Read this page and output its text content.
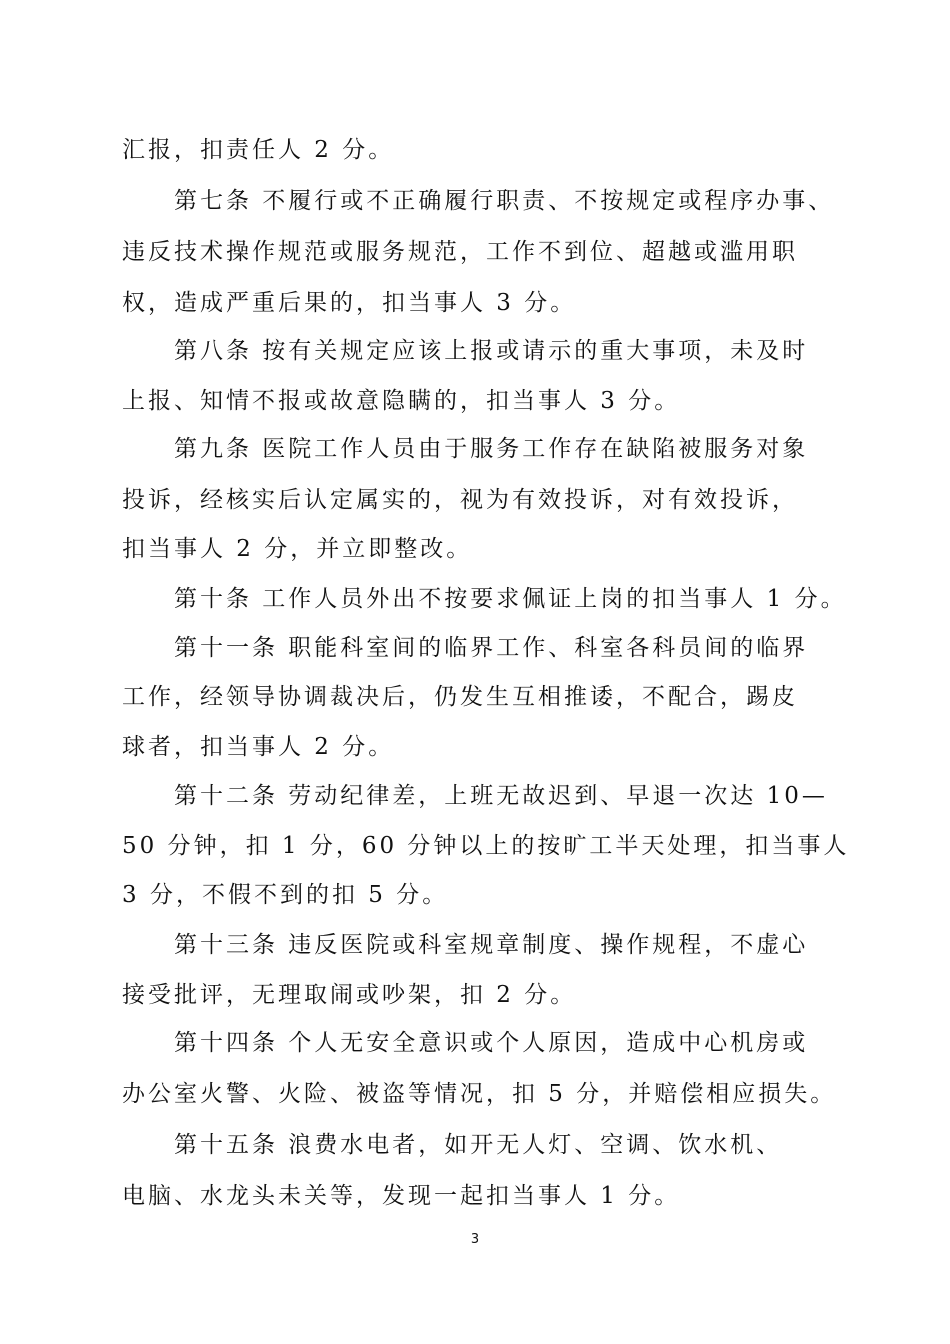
汇报，扣责任人 2 分。
第七条 不履行或不正确履行职责、不按规定或程序办事、
违反技术操作规范或服务规范，工作不到位、超越或滥用职
权，造成严重后果的，扣当事人 3 分。
第八条 按有关规定应该上报或请示的重大事项，未及时
上报、知情不报或故意隐瞒的，扣当事人 3 分。
第九条 医院工作人员由于服务工作存在缺陷被服务对象
投诉，经核实后认定属实的，视为有效投诉，对有效投诉，
扣当事人 2 分，并立即整改。
第十条 工作人员外出不按要求佩证上岗的扣当事人 1 分。
第十一条 职能科室间的临界工作、科室各科员间的临界
工作，经领导协调裁决后，仍发生互相推诿，不配合，踢皮
球者，扣当事人 2 分。
第十二条 劳动纪律差，上班无故迟到、早退一次达 10—
50 分钟，扣 1 分，60 分钟以上的按旷工半天处理，扣当事人
3 分，不假不到的扣 5 分。
第十三条 违反医院或科室规章制度、操作规程，不虚心
接受批评，无理取闹或吵架，扣 2 分。
第十四条 个人无安全意识或个人原因，造成中心机房或
办公室火警、火险、被盗等情况，扣 5 分，并赔偿相应损失。
第十五条 浪费水电者，如开无人灯、空调、饮水机、
电脑、水龙头未关等，发现一起扣当事人 1 分。
3
